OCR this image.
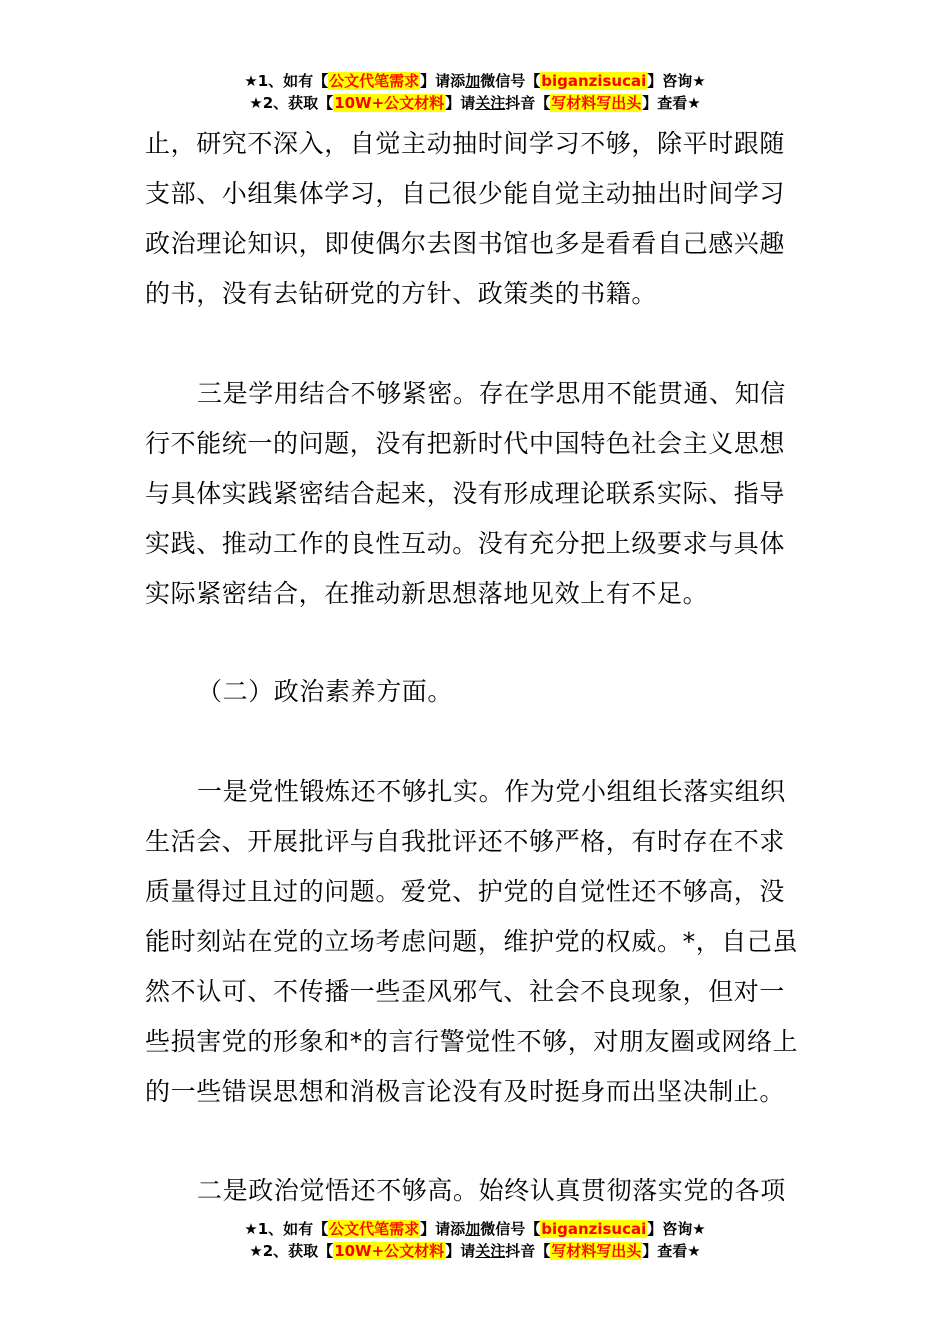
★1、如有【公文代笔需求】请添加微信号【biganzisucai】咨询★
★2、获取【10W+公文材料】请关注抖音【写材料写出头】查看★

止，研究不深入，自觉主动抽时间学习不够，除平时跟随
支部、小组集体学习，自己很少能自觉主动抽出时间学习
政治理论知识，即使偶尔去图书馆也多是看看自己感兴趣
的书，没有去钻研党的方针、政策类的书籍。

三是学用结合不够紧密。存在学思用不能贯通、知信
行不能统一的问题，没有把新时代中国特色社会主义思想
与具体实践紧密结合起来，没有形成理论联系实际、指导
实践、推动工作的良性互动。没有充分把上级要求与具体
实际紧密结合，在推动新思想落地见效上有不足。

（二）政治素养方面。

一是党性锻炼还不够扎实。作为党小组组长落实组织
生活会、开展批评与自我批评还不够严格，有时存在不求
质量得过且过的问题。爱党、护党的自觉性还不够高，没
能时刻站在党的立场考虑问题，维护党的权威。*，自己虽
然不认可、不传播一些歪风邪气、社会不良现象，但对一
些损害党的形象和*的言行警觉性不够，对朋友圈或网络上
的一些错误思想和消极言论没有及时挺身而出坚决制止。

二是政治觉悟还不够高。始终认真贯彻落实党的各项

★1、如有【公文代笔需求】请添加微信号【biganzisucai】咨询★
★2、获取【10W+公文材料】请关注抖音【写材料写出头】查看★
